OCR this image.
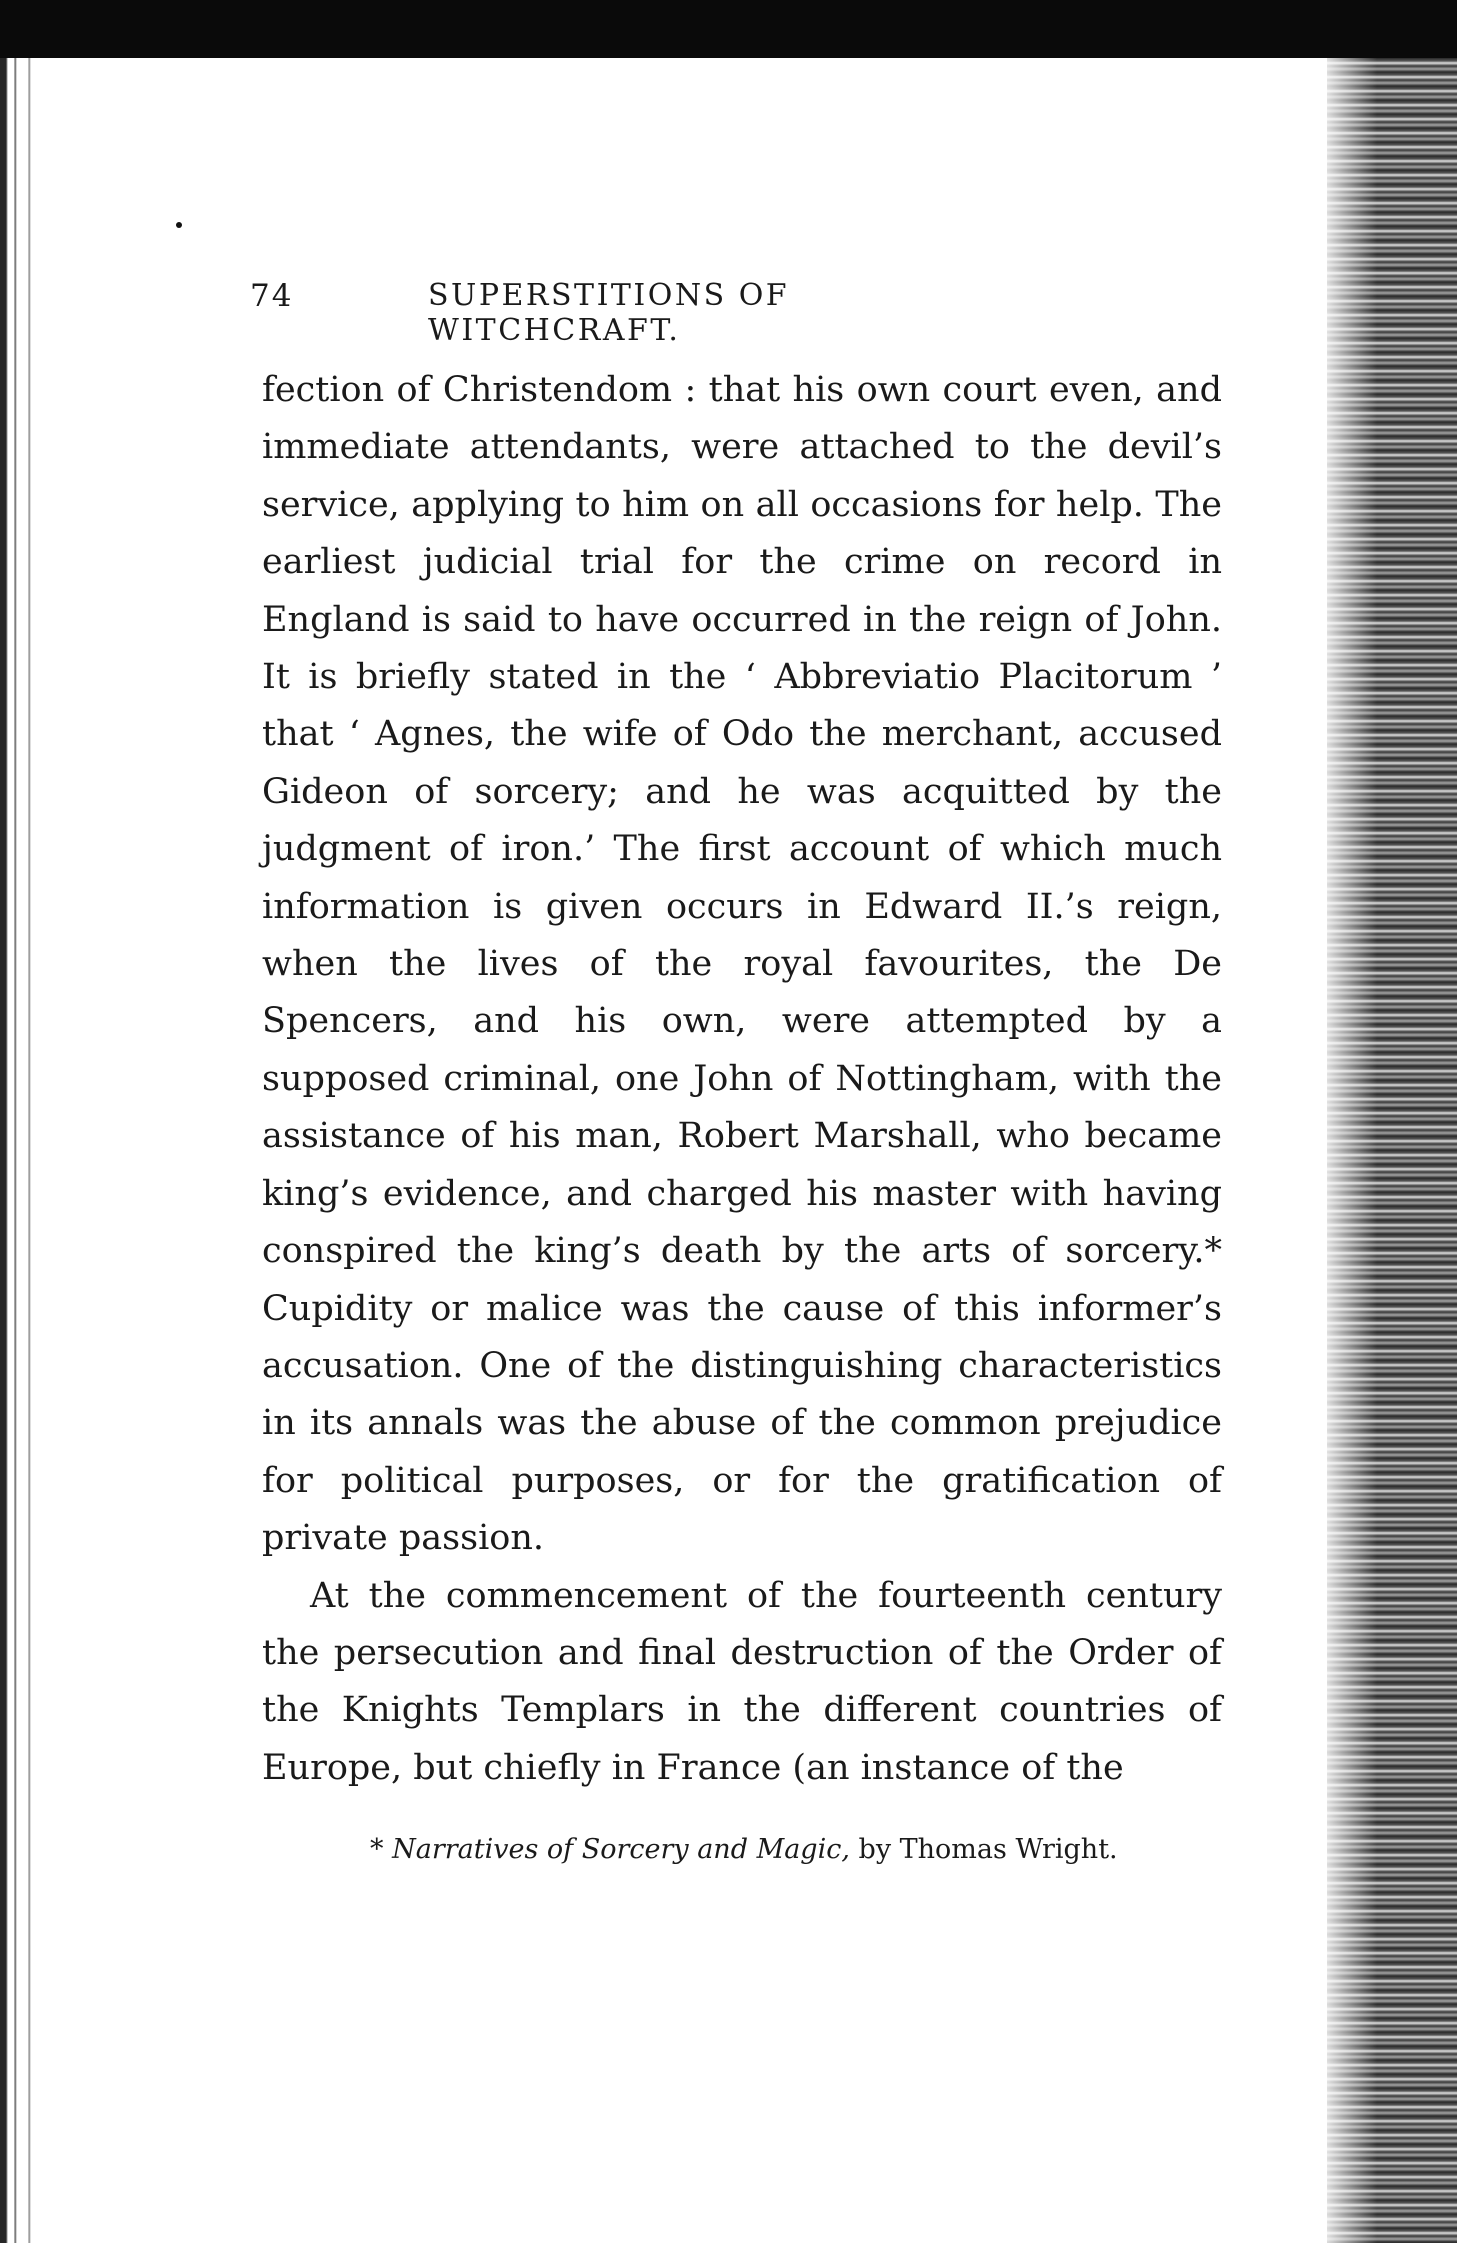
74	SUPERSTITIONS OF WITCHCRAFT.

fection of Christendom : that his own court even, and immediate attendants, were attached to the devil’s service, applying to him on all occasions for help. The earliest judicial trial for the crime on record in England is said to have occurred in the reign of John. It is briefly stated in the ‘ Abbreviatio Placitorum ’ that ‘ Agnes, the wife of Odo the merchant, accused Gideon of sorcery; and he was acquitted by the judgment of iron.’ The first account of which much information is given occurs in Edward II.’s reign, when the lives of the royal favourites, the De Spencers, and his own, were attempted by a supposed criminal, one John of Nottingham, with the assistance of his man, Robert Marshall, who became king’s evidence, and charged his master with having conspired the king’s death by the arts of sorcery.* Cupidity or malice was the cause of this informer’s accusation. One of the distinguishing characteristics in its annals was the abuse of the common prejudice for political purposes, or for the gratification of private passion.

At the commencement of the fourteenth century the persecution and final destruction of the Order of the Knights Templars in the different countries of Europe, but chiefly in France (an instance of the

* Narratives of Sorcery and Magic, by Thomas Wright.
